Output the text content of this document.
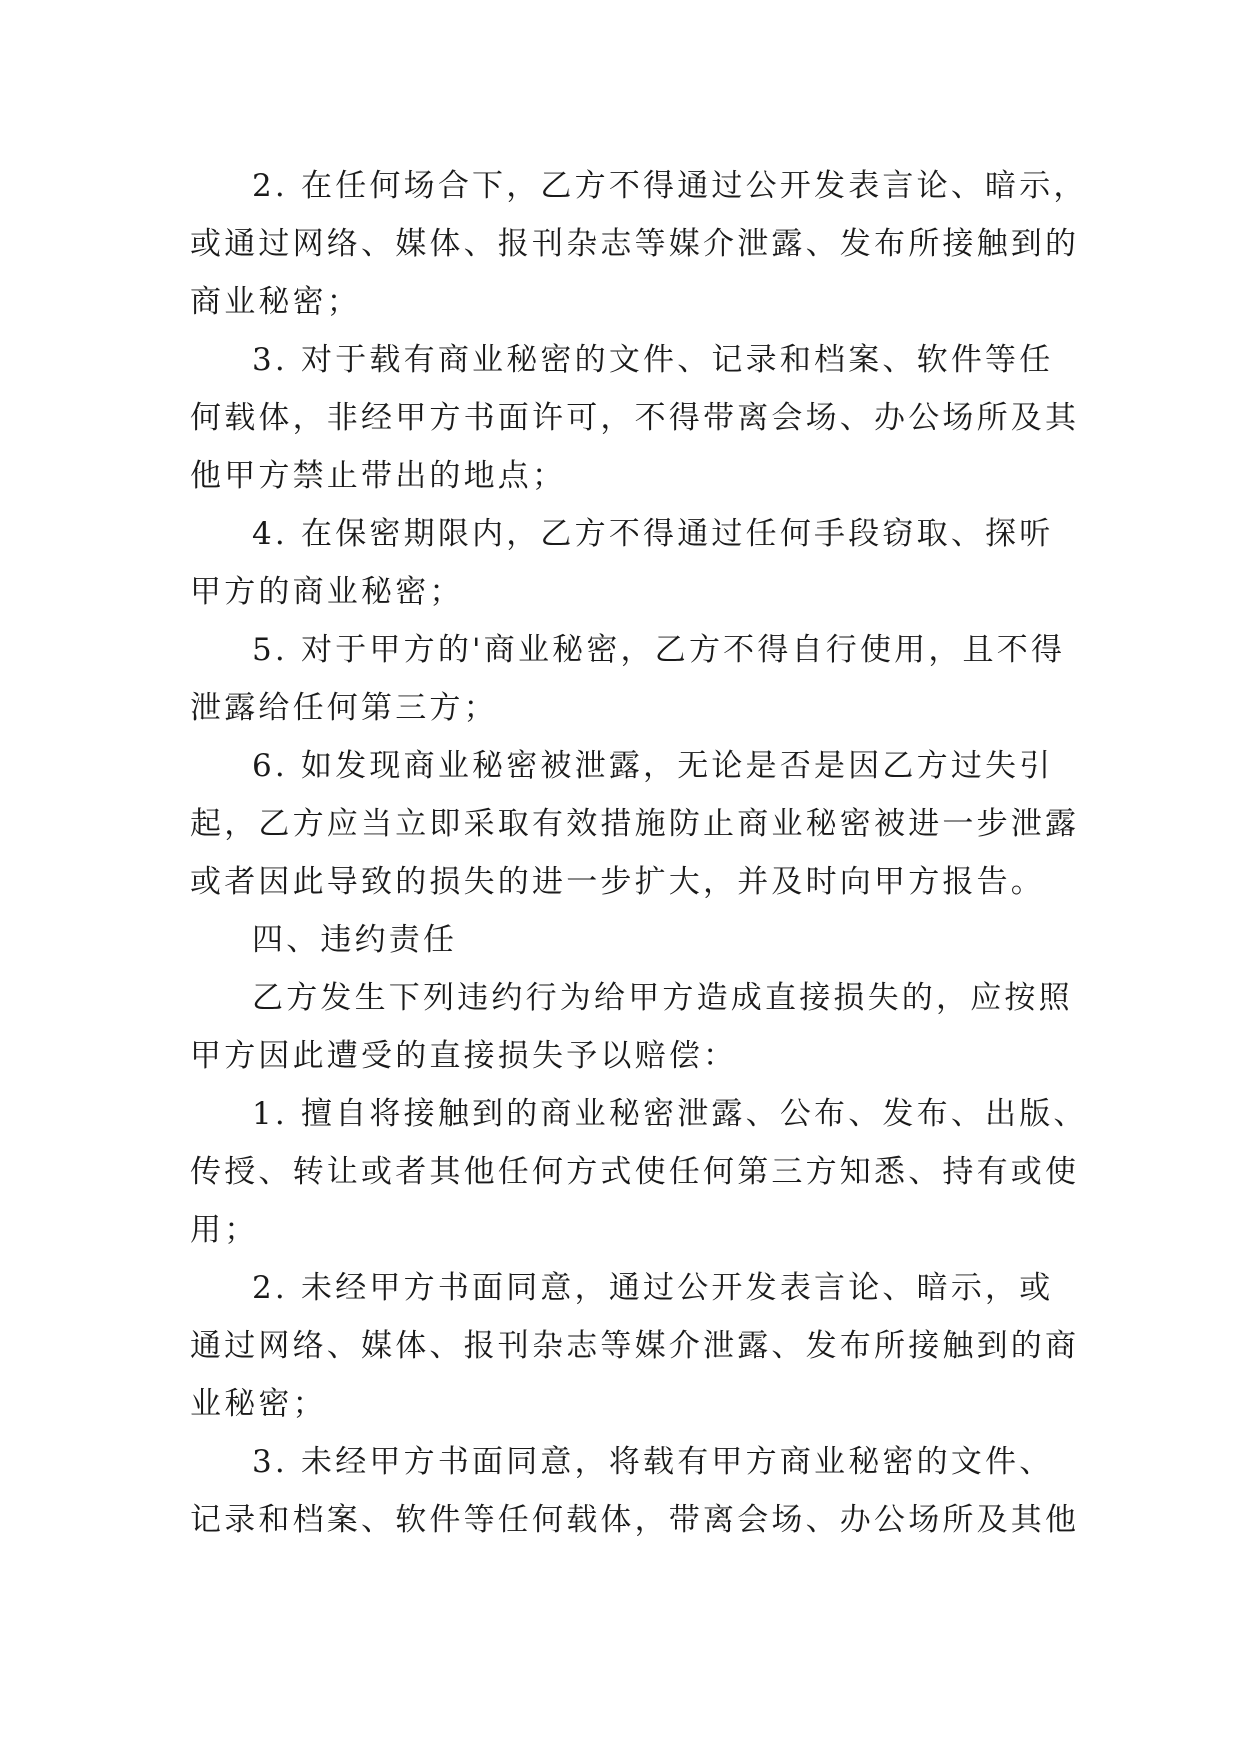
2. 在任何场合下，乙方不得通过公开发表言论、暗示，
或通过网络、媒体、报刊杂志等媒介泄露、发布所接触到的
商业秘密；
3. 对于载有商业秘密的文件、记录和档案、软件等任
何载体，非经甲方书面许可，不得带离会场、办公场所及其
他甲方禁止带出的地点；
4. 在保密期限内，乙方不得通过任何手段窃取、探听
甲方的商业秘密；
5. 对于甲方的'商业秘密，乙方不得自行使用，且不得
泄露给任何第三方；
6. 如发现商业秘密被泄露，无论是否是因乙方过失引
起，乙方应当立即采取有效措施防止商业秘密被进一步泄露
或者因此导致的损失的进一步扩大，并及时向甲方报告。
四、违约责任
乙方发生下列违约行为给甲方造成直接损失的，应按照
甲方因此遭受的直接损失予以赔偿：
1. 擅自将接触到的商业秘密泄露、公布、发布、出版、
传授、转让或者其他任何方式使任何第三方知悉、持有或使
用；
2. 未经甲方书面同意，通过公开发表言论、暗示，或
通过网络、媒体、报刊杂志等媒介泄露、发布所接触到的商
业秘密；
3. 未经甲方书面同意，将载有甲方商业秘密的文件、
记录和档案、软件等任何载体，带离会场、办公场所及其他
